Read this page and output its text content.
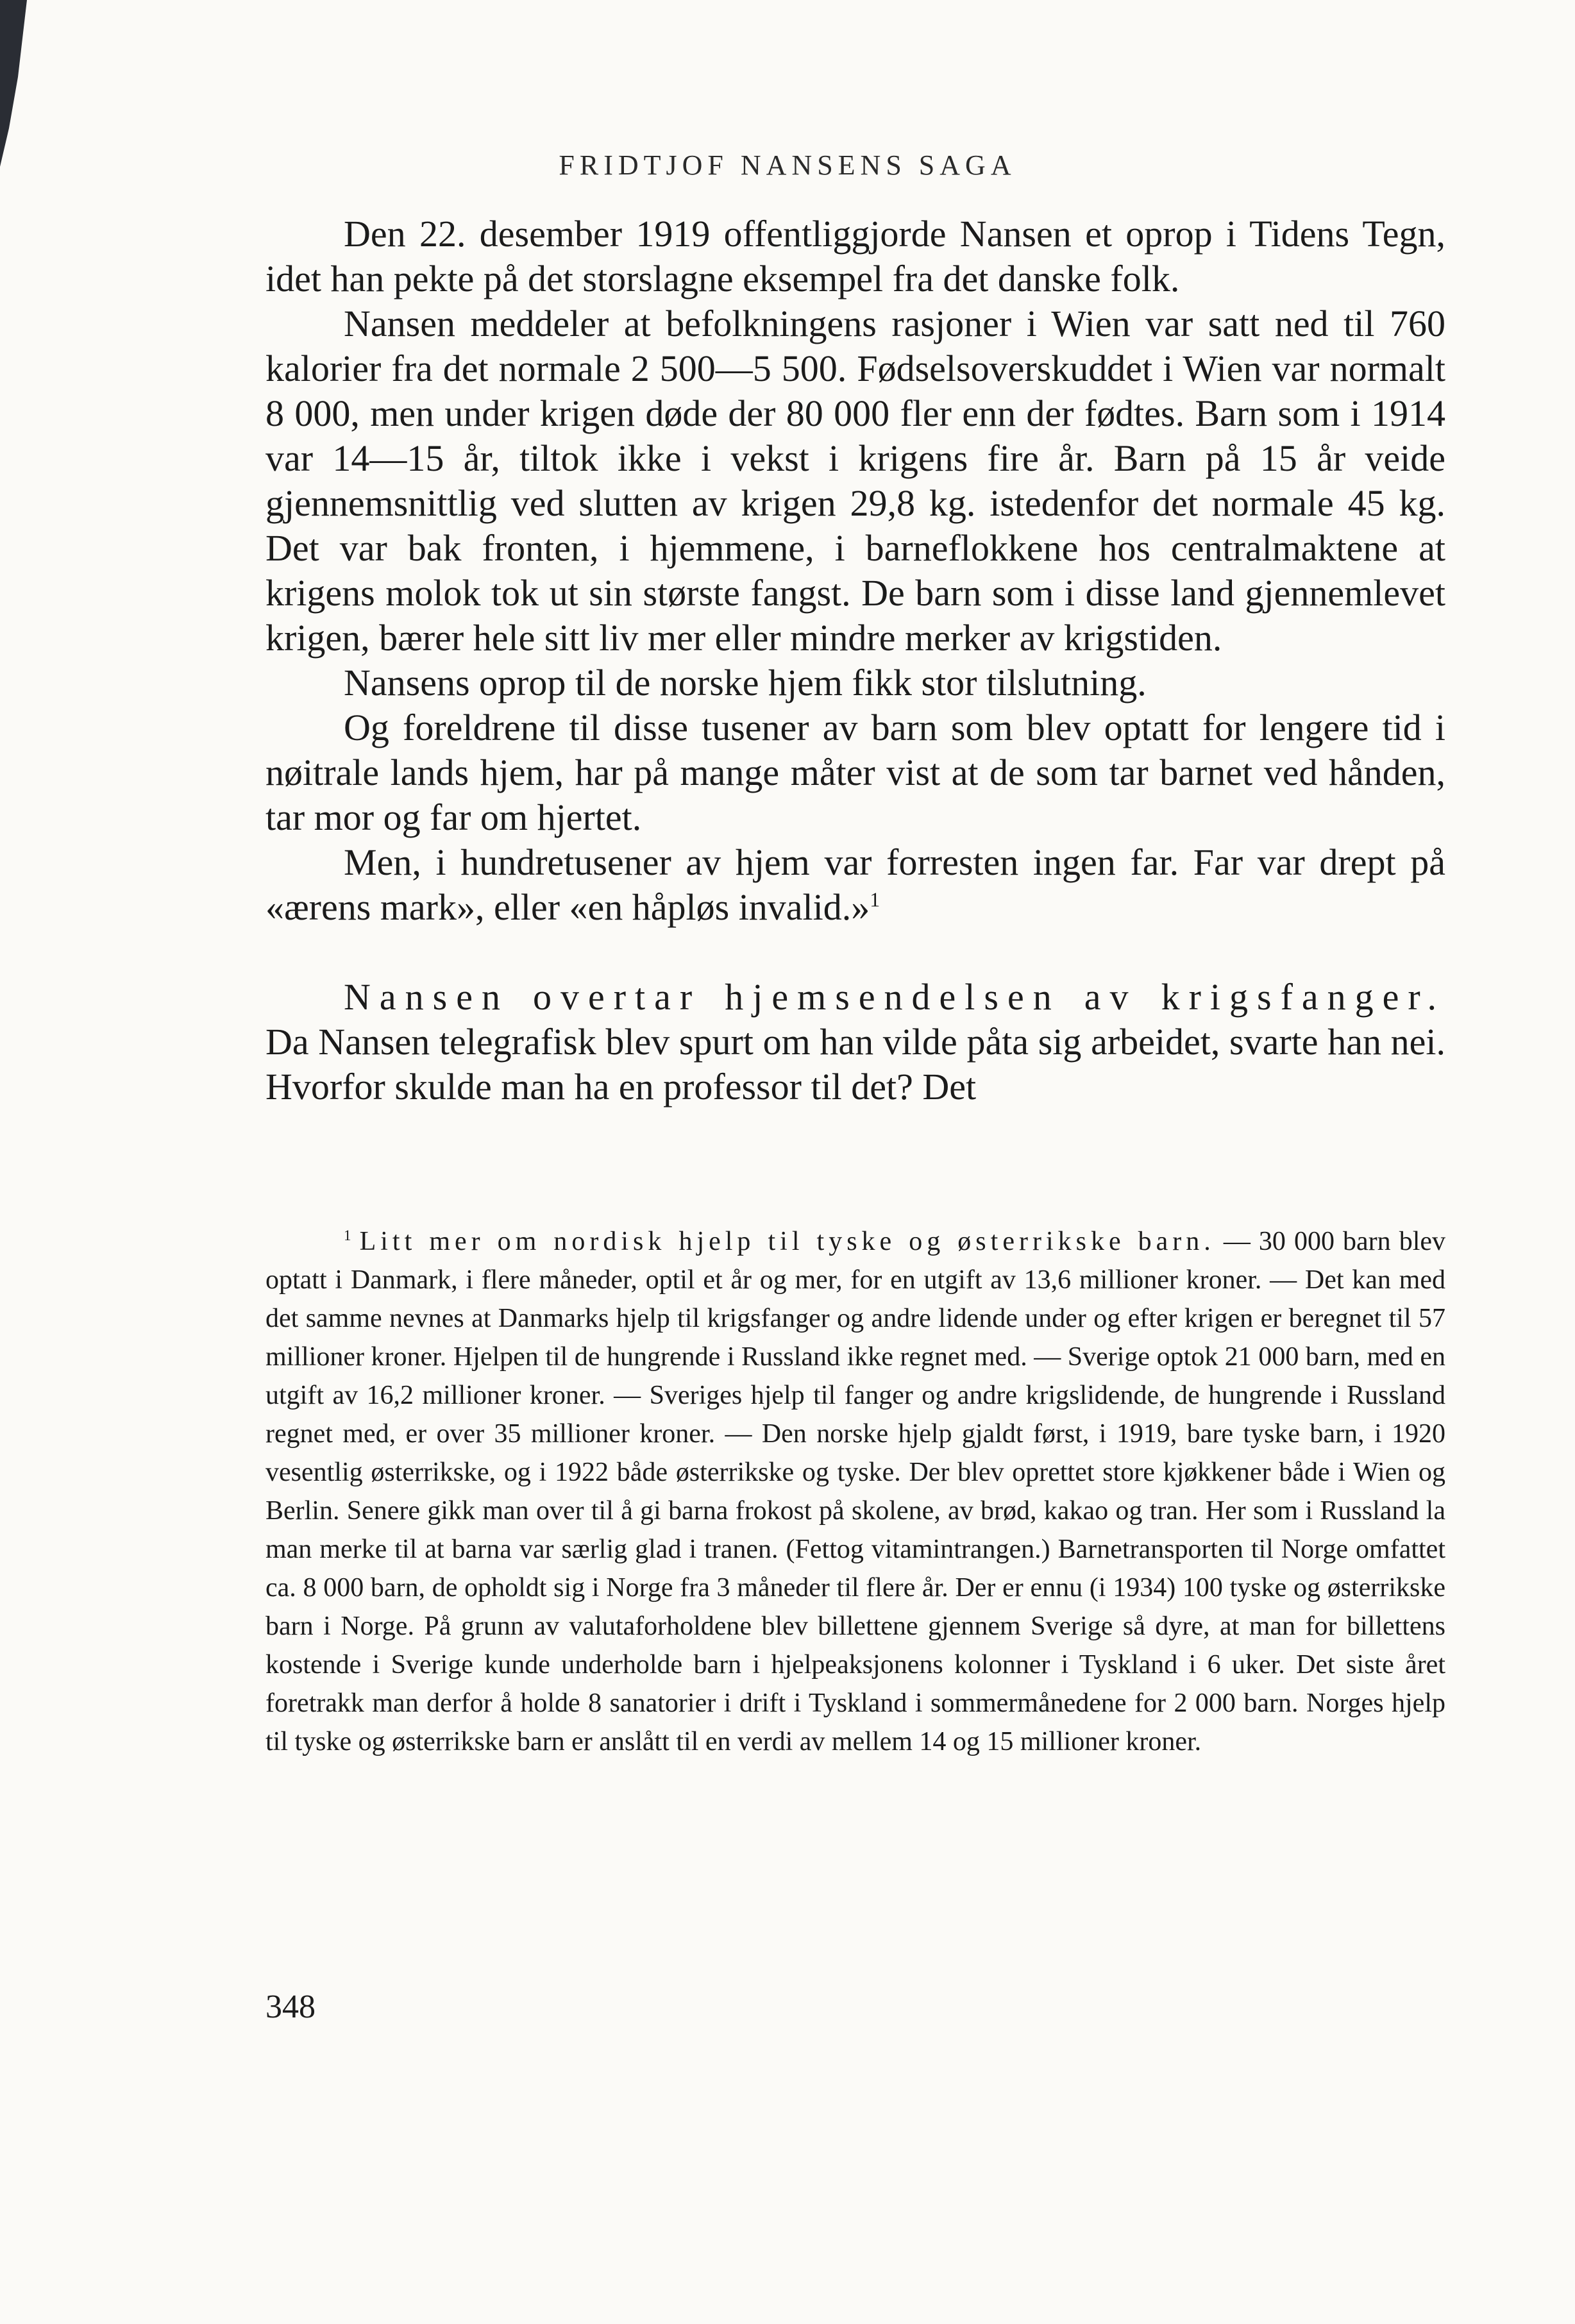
FRIDTJOF NANSENS SAGA

Den 22. desember 1919 offentliggjorde Nansen et oprop i Tidens Tegn, idet han pekte på det storslagne eksempel fra det danske folk.

Nansen meddeler at befolkningens rasjoner i Wien var satt ned til 760 kalorier fra det normale 2 500—5 500. Fødselsoverskuddet i Wien var normalt 8 000, men under krigen døde der 80 000 fler enn der fødtes. Barn som i 1914 var 14—15 år, tiltok ikke i vekst i krigens fire år. Barn på 15 år veide gjennemsnittlig ved slutten av krigen 29,8 kg. istedenfor det normale 45 kg. Det var bak fronten, i hjemmene, i barneflokkene hos centralmaktene at krigens molok tok ut sin største fangst. De barn som i disse land gjennemlevet krigen, bærer hele sitt liv mer eller mindre merker av krigstiden.

Nansens oprop til de norske hjem fikk stor tilslutning.

Og foreldrene til disse tusener av barn som blev optatt for lengere tid i nøitrale lands hjem, har på mange måter vist at de som tar barnet ved hånden, tar mor og far om hjertet.

Men, i hundretusener av hjem var forresten ingen far. Far var drept på «ærens mark», eller «en håpløs invalid.»$^1$

Nansen overtar hjemsendelsen av krigsfanger. Da Nansen telegrafisk blev spurt om han vilde påta sig arbeidet, svarte han nei. Hvorfor skulde man ha en professor til det? Det

$^1$ Litt mer om nordisk hjelp til tyske og østerrikske barn. — 30 000 barn blev optatt i Danmark, i flere måneder, optil et år og mer, for en utgift av 13,6 millioner kroner. — Det kan med det samme nevnes at Danmarks hjelp til krigsfanger og andre lidende under og efter krigen er beregnet til 57 millioner kroner. Hjelpen til de hungrende i Russland ikke regnet med. — Sverige optok 21 000 barn, med en utgift av 16,2 millioner kroner. — Sveriges hjelp til fanger og andre krigslidende, de hungrende i Russland regnet med, er over 35 millioner kroner. — Den norske hjelp gjaldt først, i 1919, bare tyske barn, i 1920 vesentlig østerrikske, og i 1922 både østerrikske og tyske. Der blev oprettet store kjøkkener både i Wien og Berlin. Senere gikk man over til å gi barna frokost på skolene, av brød, kakao og tran. Her som i Russland la man merke til at barna var særlig glad i tranen. (Fettog vitamintrangen.) Barnetransporten til Norge omfattet ca. 8 000 barn, de opholdt sig i Norge fra 3 måneder til flere år. Der er ennu (i 1934) 100 tyske og østerrikske barn i Norge. På grunn av valutaforholdene blev billettene gjennem Sverige så dyre, at man for billettens kostende i Sverige kunde underholde barn i hjelpeaksjonens kolonner i Tyskland i 6 uker. Det siste året foretrakk man derfor å holde 8 sanatorier i drift i Tyskland i sommermånedene for 2 000 barn. Norges hjelp til tyske og østerrikske barn er anslått til en verdi av mellem 14 og 15 millioner kroner.

348
